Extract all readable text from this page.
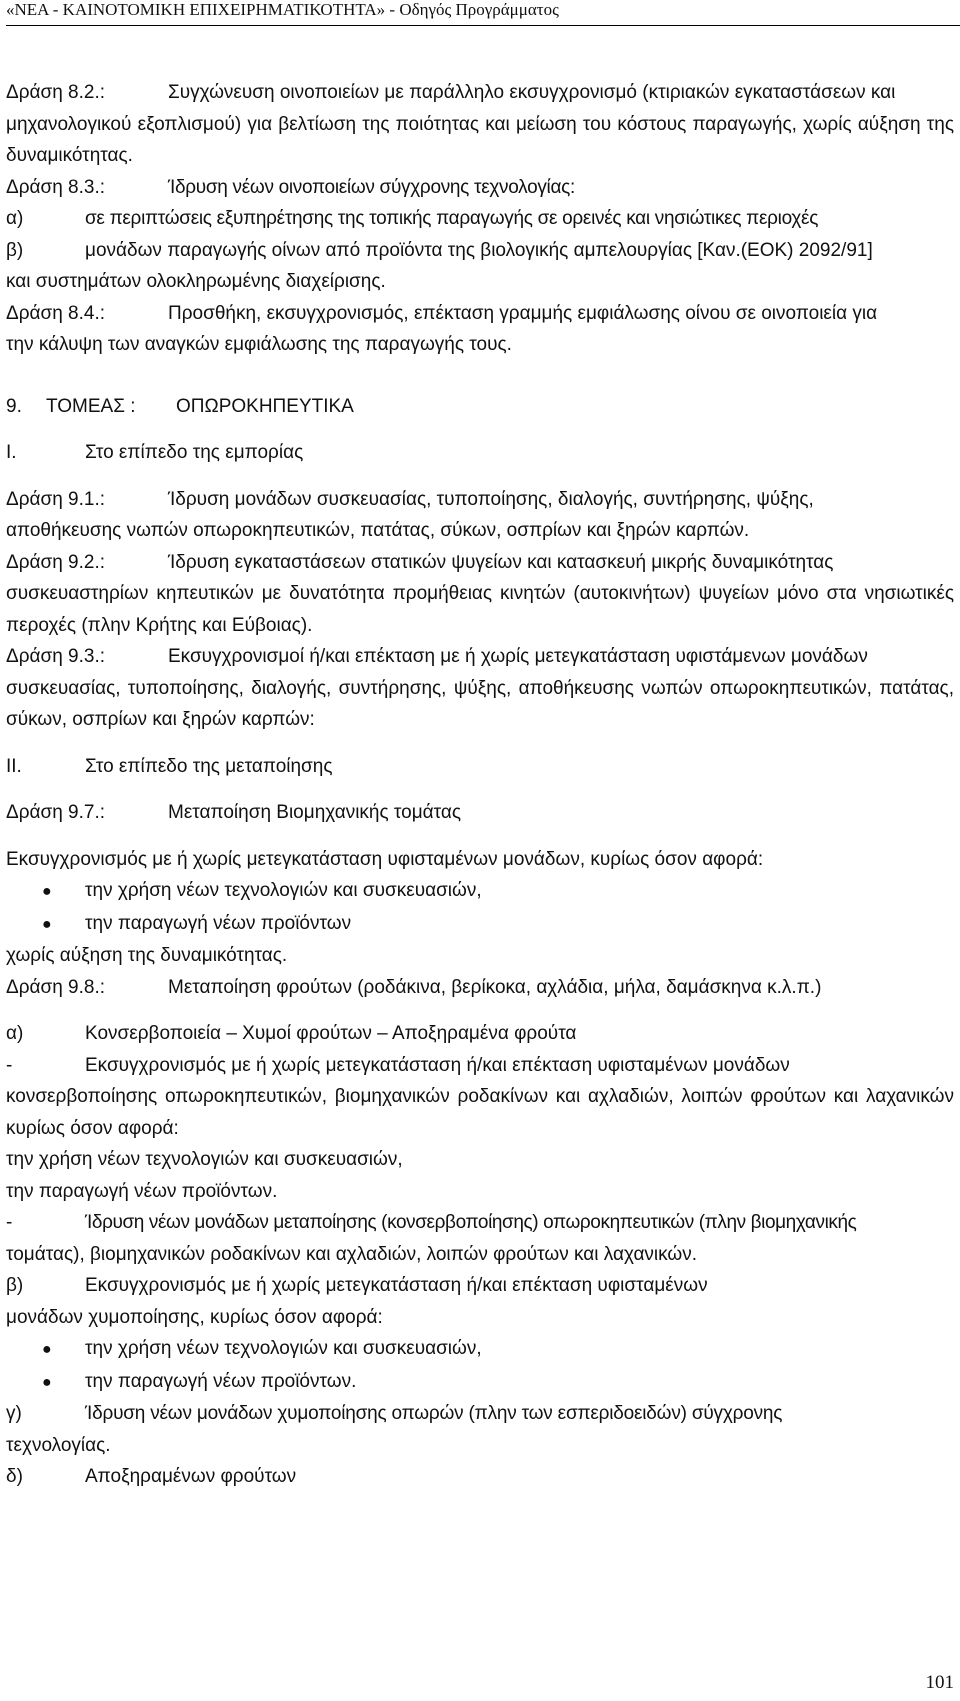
«ΝΕΑ - ΚΑΙΝΟΤΟΜΙΚΗ ΕΠΙΧΕΙΡΗΜΑΤΙΚΟΤΗΤΑ» - Οδηγός Προγράμματος
Δράση 8.2.:	Συγχώνευση οινοποιείων με παράλληλο εκσυγχρονισμό (κτιριακών εγκαταστάσεων και
μηχανολογικού εξοπλισμού) για βελτίωση της ποιότητας και μείωση του κόστους παραγωγής, χωρίς αύξηση της δυναμικότητας.
Δράση 8.3.:	Ίδρυση νέων οινοποιείων σύγχρονης τεχνολογίας:
α)	σε περιπτώσεις εξυπηρέτησης της τοπικής παραγωγής σε ορεινές και νησιώτικες περιοχές
β)	μονάδων παραγωγής οίνων από προϊόντα της βιολογικής αμπελουργίας [Καν.(ΕΟΚ) 2092/91]
και συστημάτων ολοκληρωμένης διαχείρισης.
Δράση 8.4.:	Προσθήκη, εκσυγχρονισμός, επέκταση γραμμής εμφιάλωσης οίνου σε οινοποιεία για
την κάλυψη των αναγκών εμφιάλωσης της παραγωγής τους.
9.	ΤΟΜΕΑΣ :	ΟΠΩΡΟΚΗΠΕΥΤΙΚΑ
Ι.	Στο επίπεδο της εμπορίας
Δράση 9.1.:	Ίδρυση μονάδων συσκευασίας, τυποποίησης, διαλογής, συντήρησης, ψύξης,
αποθήκευσης νωπών οπωροκηπευτικών, πατάτας, σύκων, οσπρίων και ξηρών καρπών.
Δράση 9.2.:	Ίδρυση εγκαταστάσεων στατικών ψυγείων και κατασκευή μικρής δυναμικότητας
συσκευαστηρίων κηπευτικών με δυνατότητα προμήθειας κινητών (αυτοκινήτων) ψυγείων μόνο στα νησιωτικές περοχές (πλην Κρήτης και Εύβοιας).
Δράση 9.3.:	Εκσυγχρονισμοί ή/και επέκταση με ή χωρίς μετεγκατάσταση υφιστάμενων μονάδων
συσκευασίας, τυποποίησης, διαλογής, συντήρησης, ψύξης, αποθήκευσης νωπών οπωροκηπευτικών, πατάτας, σύκων, οσπρίων και ξηρών καρπών:
ΙΙ.	Στο επίπεδο της μεταποίησης
Δράση 9.7.:	Μεταποίηση Βιομηχανικής τομάτας
Εκσυγχρονισμός με ή χωρίς μετεγκατάσταση υφισταμένων μονάδων, κυρίως όσον αφορά:
●	την χρήση νέων τεχνολογιών και συσκευασιών,
●	την παραγωγή νέων προϊόντων
χωρίς αύξηση της δυναμικότητας.
Δράση 9.8.:	Μεταποίηση φρούτων (ροδάκινα, βερίκοκα, αχλάδια, μήλα, δαμάσκηνα κ.λ.π.)
α)	Κονσερβοποιεία – Χυμοί φρούτων – Αποξηραμένα φρούτα
-	Εκσυγχρονισμός με ή χωρίς μετεγκατάσταση ή/και επέκταση υφισταμένων μονάδων
κονσερβοποίησης οπωροκηπευτικών, βιομηχανικών ροδακίνων και αχλαδιών, λοιπών φρούτων και λαχανικών κυρίως όσον αφορά:
την χρήση νέων τεχνολογιών και συσκευασιών,
την παραγωγή νέων προϊόντων.
-	Ίδρυση νέων μονάδων μεταποίησης (κονσερβοποίησης) οπωροκηπευτικών (πλην βιομηχανικής
τομάτας), βιομηχανικών ροδακίνων και αχλαδιών, λοιπών φρούτων και λαχανικών.
β)	Εκσυγχρονισμός με ή χωρίς μετεγκατάσταση ή/και επέκταση υφισταμένων
μονάδων χυμοποίησης, κυρίως όσον αφορά:
●	την χρήση νέων τεχνολογιών και συσκευασιών,
●	την παραγωγή νέων προϊόντων.
γ)	Ίδρυση νέων μονάδων χυμοποίησης οπωρών (πλην των εσπεριδοειδών) σύγχρονης
τεχνολογίας.
δ)	Αποξηραμένων φρούτων
101
